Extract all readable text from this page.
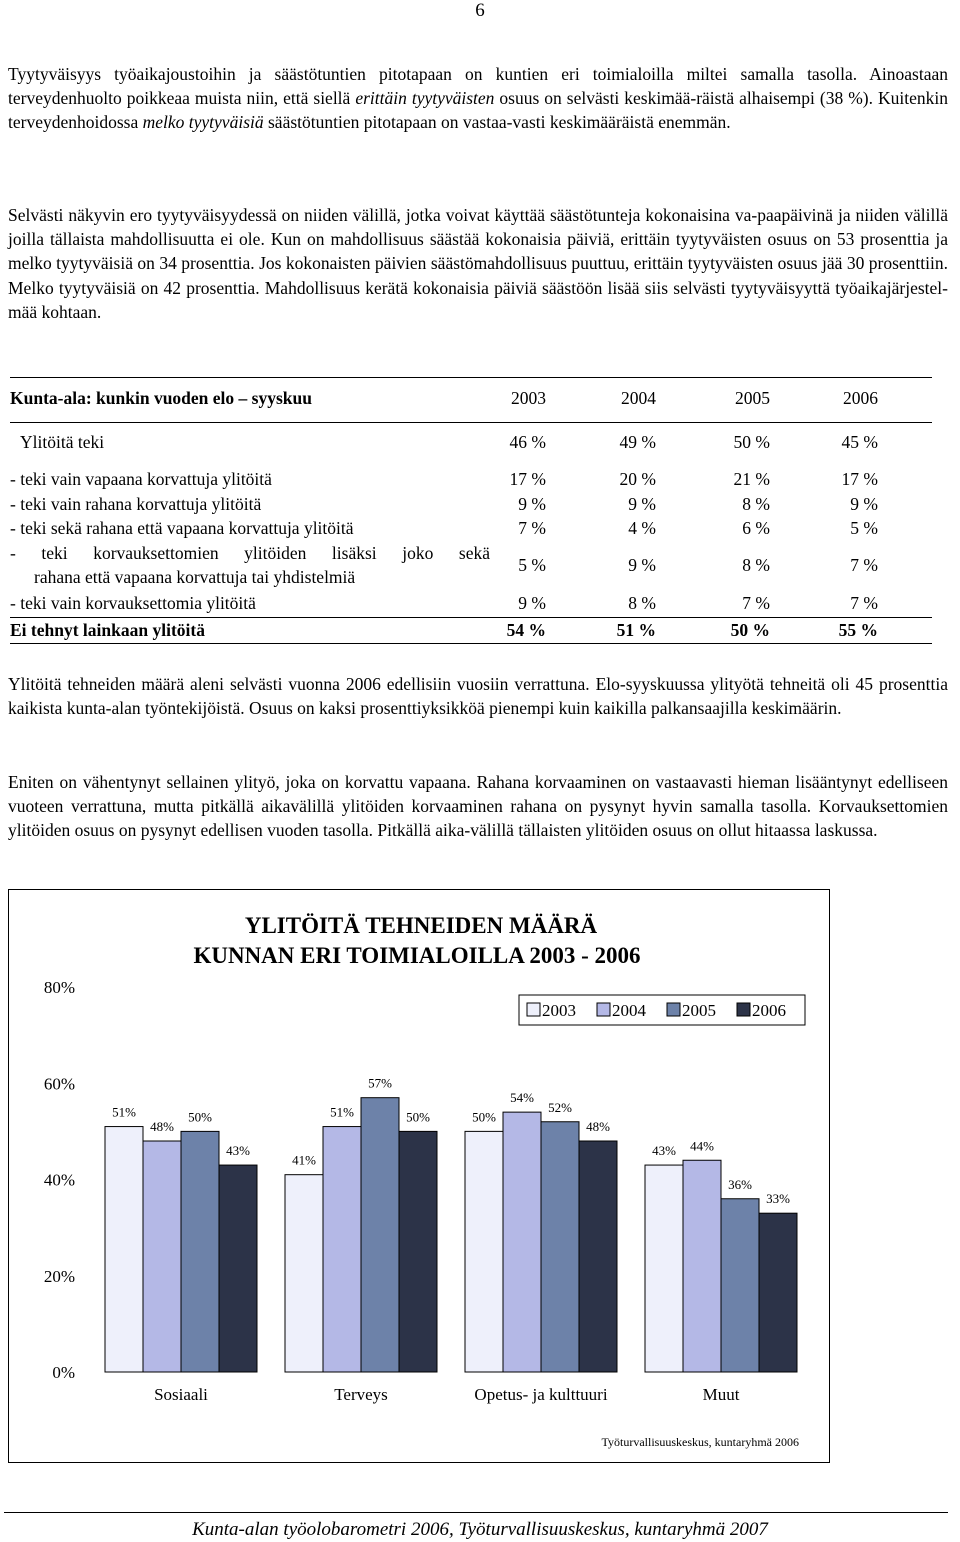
6
Tyytyväisyys työaikajoustoihin ja säästötuntien pitotapaan on kuntien eri toimialoilla miltei samalla tasolla. Ainoastaan terveydenhuolto poikkeaa muista niin, että siellä erittäin tyytyväisten osuus on selvästi keskimää-räistä alhaisempi (38 %). Kuitenkin terveydenhoidossa melko tyytyväisiä säästötuntien pitotapaan on vastaa-vasti keskimääräistä enemmän.
Selvästi näkyvin ero tyytyväisyydessä on niiden välillä, jotka voivat käyttää säästötunteja kokonaisina va-paapäivinä ja niiden välillä joilla tällaista mahdollisuutta ei ole. Kun on mahdollisuus säästää kokonaisia päiviä, erittäin tyytyväisten osuus on 53 prosenttia ja melko tyytyväisiä on 34 prosenttia. Jos kokonaisten päivien säästömahdollisuus puuttuu, erittäin tyytyväisten osuus jää 30 prosenttiin. Melko tyytyväisiä on 42 prosenttia. Mahdollisuus kerätä kokonaisia päiviä säästöön lisää siis selvästi tyytyväisyyttä työaikajärjestel-mää kohtaan.
Kunta-ala: kunkin vuoden elo – syyskuu	2003	2004	2005	2006
Ylitöitä teki	46 %	49 %	50 %	45 %
- teki vain vapaana korvattuja ylitöitä	17 %	20 %	21 %	17 %
- teki vain rahana korvattuja ylitöitä	9 %	9 %	8 %	9 %
- teki sekä rahana että vapaana korvattuja ylitöitä	7 %	4 %	6 %	5 %
- teki korvauksettomien ylitöiden lisäksi joko sekä
rahana että vapaana korvattuja tai yhdistelmiä
5 %	9 %	8 %	7 %
- teki vain korvauksettomia ylitöitä	9 %	8 %	7 %	7 %
Ei tehnyt lainkaan ylitöitä	54 %	51 %	50 %	55 %
Ylitöitä tehneiden määrä aleni selvästi vuonna 2006 edellisiin vuosiin verrattuna. Elo-syyskuussa ylityötä tehneitä oli 45 prosenttia kaikista kunta-alan työntekijöistä. Osuus on kaksi prosenttiyksikköä pienempi kuin kaikilla palkansaajilla keskimäärin.
Eniten on vähentynyt sellainen ylityö, joka on korvattu vapaana. Rahana korvaaminen on vastaavasti hieman lisääntynyt edelliseen vuoteen verrattuna, mutta pitkällä aikavälillä ylitöiden korvaaminen rahana on pysynyt hyvin samalla tasolla. Korvauksettomien ylitöiden osuus on pysynyt edellisen vuoden tasolla. Pitkällä aika-välillä tällaisten ylitöiden osuus on ollut hitaassa laskussa.
YLITÖITÄ TEHNEIDEN MÄÄRÄ
KUNNAN ERI TOIMIALOILLA 2003 - 2006
2003 2004 2005 2006
0%
20%
40%
60%
80%
51%
48%
50%
43%
41%
51%
57%
50%	50%
54%
52%
48%
43% 44%
36%
33%
Sosiaali	Terveys	Opetus- ja kulttuuri	Muut
Työturvallisuuskeskus, kuntaryhmä 2006
Kunta-alan työolobarometri 2006, Työturvallisuuskeskus, kuntaryhmä 2007
